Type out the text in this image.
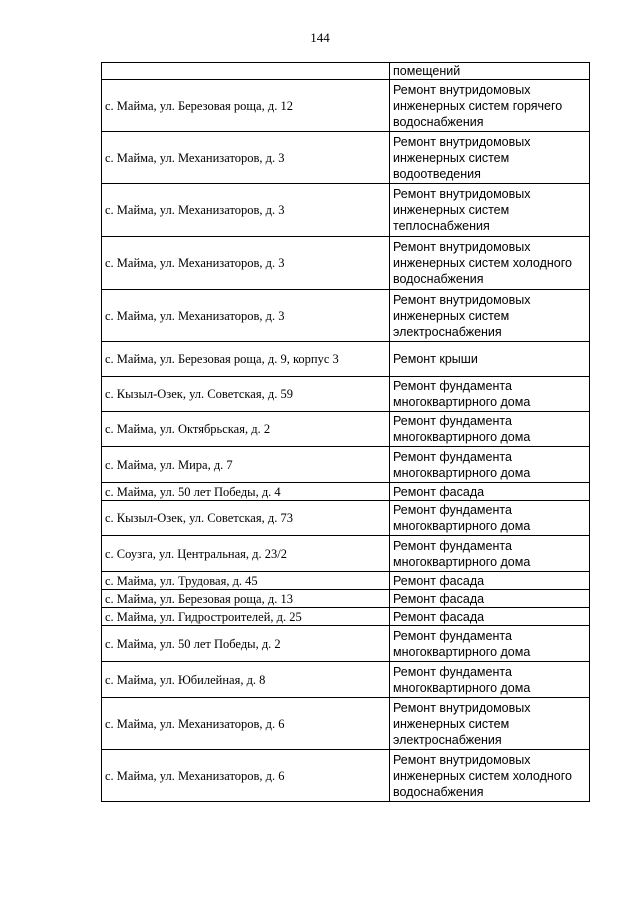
144
	помещений
с. Майма, ул. Березовая роща, д. 12	Ремонт внутридомовых инженерных систем горячего водоснабжения
с. Майма, ул. Механизаторов, д. 3	Ремонт внутридомовых инженерных систем водоотведения
с. Майма, ул. Механизаторов, д. 3	Ремонт внутридомовых инженерных систем теплоснабжения
с. Майма, ул. Механизаторов, д. 3	Ремонт внутридомовых инженерных систем холодного водоснабжения
с. Майма, ул. Механизаторов, д. 3	Ремонт внутридомовых инженерных систем электроснабжения
с. Майма, ул. Березовая роща, д. 9, корпус 3	Ремонт крыши
с. Кызыл-Озек, ул. Советская, д. 59	Ремонт фундамента многоквартирного дома
с. Майма, ул. Октябрьская, д. 2	Ремонт фундамента многоквартирного дома
с. Майма, ул. Мира, д. 7	Ремонт фундамента многоквартирного дома
с. Майма, ул. 50 лет Победы, д. 4	Ремонт фасада
с. Кызыл-Озек, ул. Советская, д. 73	Ремонт фундамента многоквартирного дома
с. Соузга, ул. Центральная, д. 23/2	Ремонт фундамента многоквартирного дома
с. Майма, ул. Трудовая, д. 45	Ремонт фасада
с. Майма, ул. Березовая роща, д. 13	Ремонт фасада
с. Майма, ул. Гидростроителей, д. 25	Ремонт фасада
с. Майма, ул. 50 лет Победы, д. 2	Ремонт фундамента многоквартирного дома
с. Майма, ул. Юбилейная, д. 8	Ремонт фундамента многоквартирного дома
с. Майма, ул. Механизаторов, д. 6	Ремонт внутридомовых инженерных систем электроснабжения
с. Майма, ул. Механизаторов, д. 6	Ремонт внутридомовых инженерных систем холодного водоснабжения
